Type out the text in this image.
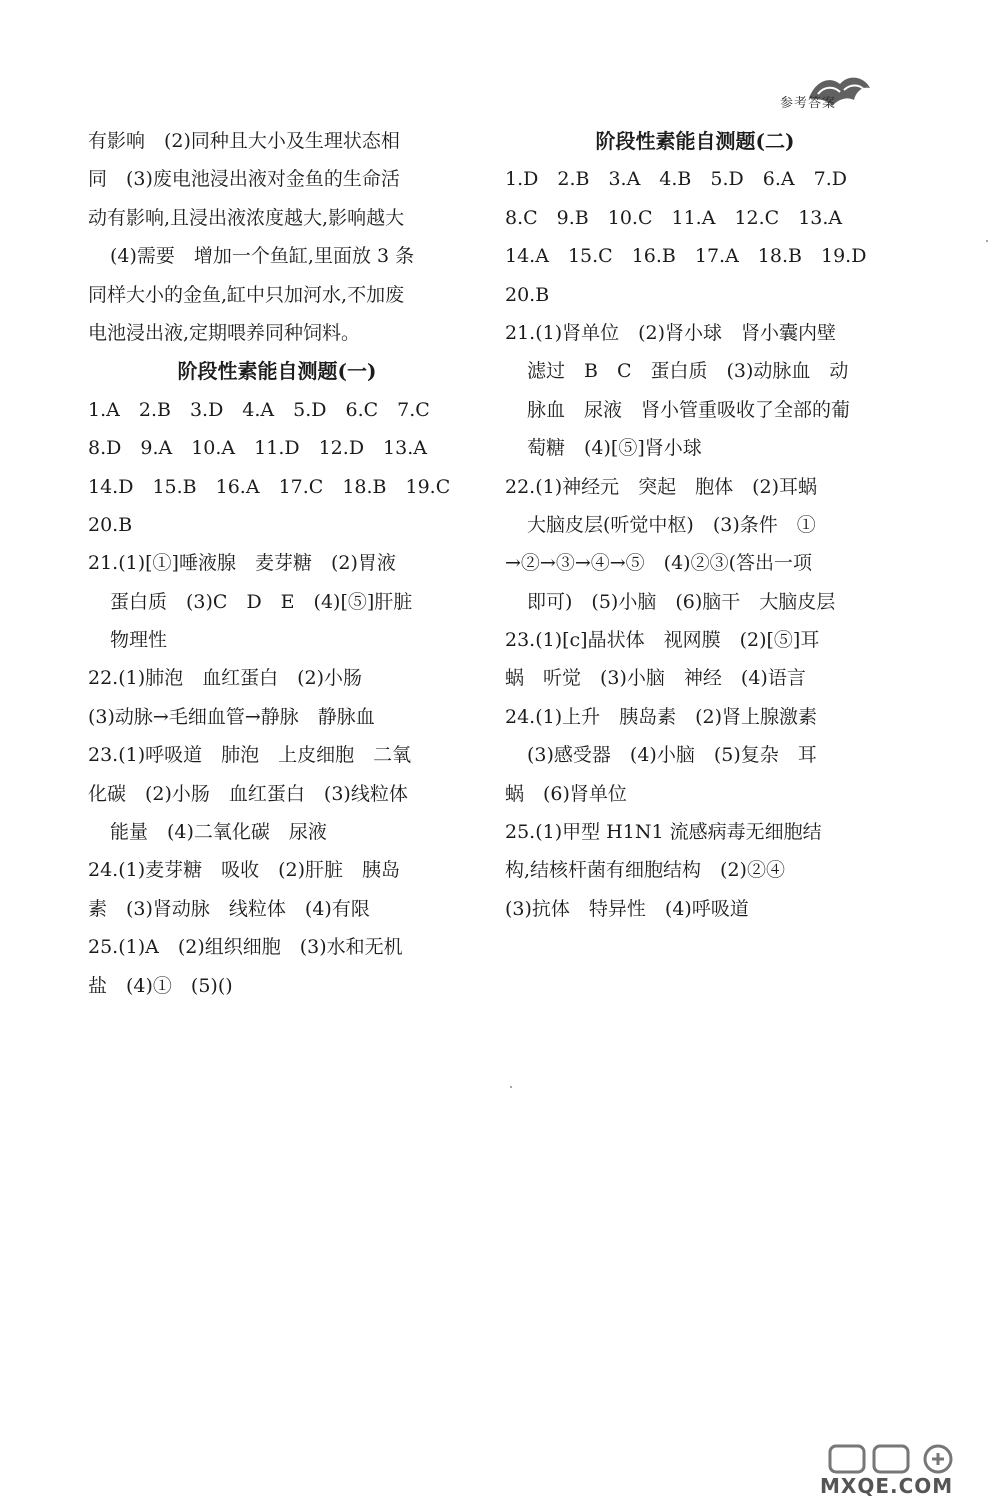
参考答案
有影响　(2)同种且大小及生理状态相
同　(3)废电池浸出液对金鱼的生命活
动有影响,且浸出液浓度越大,影响越大
(4)需要　增加一个鱼缸,里面放 3 条
同样大小的金鱼,缸中只加河水,不加废
电池浸出液,定期喂养同种饲料。
阶段性素能自测题(一)
1.A　2.B　3.D　4.A　5.D　6.C　7.C
8.D　9.A　10.A　11.D　12.D　13.A
14.D　15.B　16.A　17.C　18.B　19.C
20.B
21.(1)[①]唾液腺　麦芽糖　(2)胃液
蛋白质　(3)C　D　E　(4)[⑤]肝脏
物理性
22.(1)肺泡　血红蛋白　(2)小肠
(3)动脉→毛细血管→静脉　静脉血
23.(1)呼吸道　肺泡　上皮细胞　二氧
化碳　(2)小肠　血红蛋白　(3)线粒体
能量　(4)二氧化碳　尿液
24.(1)麦芽糖　吸收　(2)肝脏　胰岛
素　(3)肾动脉　线粒体　(4)有限
25.(1)A　(2)组织细胞　(3)水和无机
盐　(4)①　(5)()
阶段性素能自测题(二)
1.D　2.B　3.A　4.B　5.D　6.A　7.D
8.C　9.B　10.C　11.A　12.C　13.A
14.A　15.C　16.B　17.A　18.B　19.D
20.B
21.(1)肾单位　(2)肾小球　肾小囊内壁
滤过　B　C　蛋白质　(3)动脉血　动
脉血　尿液　肾小管重吸收了全部的葡
萄糖　(4)[⑤]肾小球
22.(1)神经元　突起　胞体　(2)耳蜗
大脑皮层(听觉中枢)　(3)条件　①
→②→③→④→⑤　(4)②③(答出一项
即可)　(5)小脑　(6)脑干　大脑皮层
23.(1)[c]晶状体　视网膜　(2)[⑤]耳
蜗　听觉　(3)小脑　神经　(4)语言
24.(1)上升　胰岛素　(2)肾上腺激素
(3)感受器　(4)小脑　(5)复杂　耳
蜗　(6)肾单位
25.(1)甲型 H1N1 流感病毒无细胞结
构,结核杆菌有细胞结构　(2)②④
(3)抗体　特异性　(4)呼吸道
MXQE.COM
